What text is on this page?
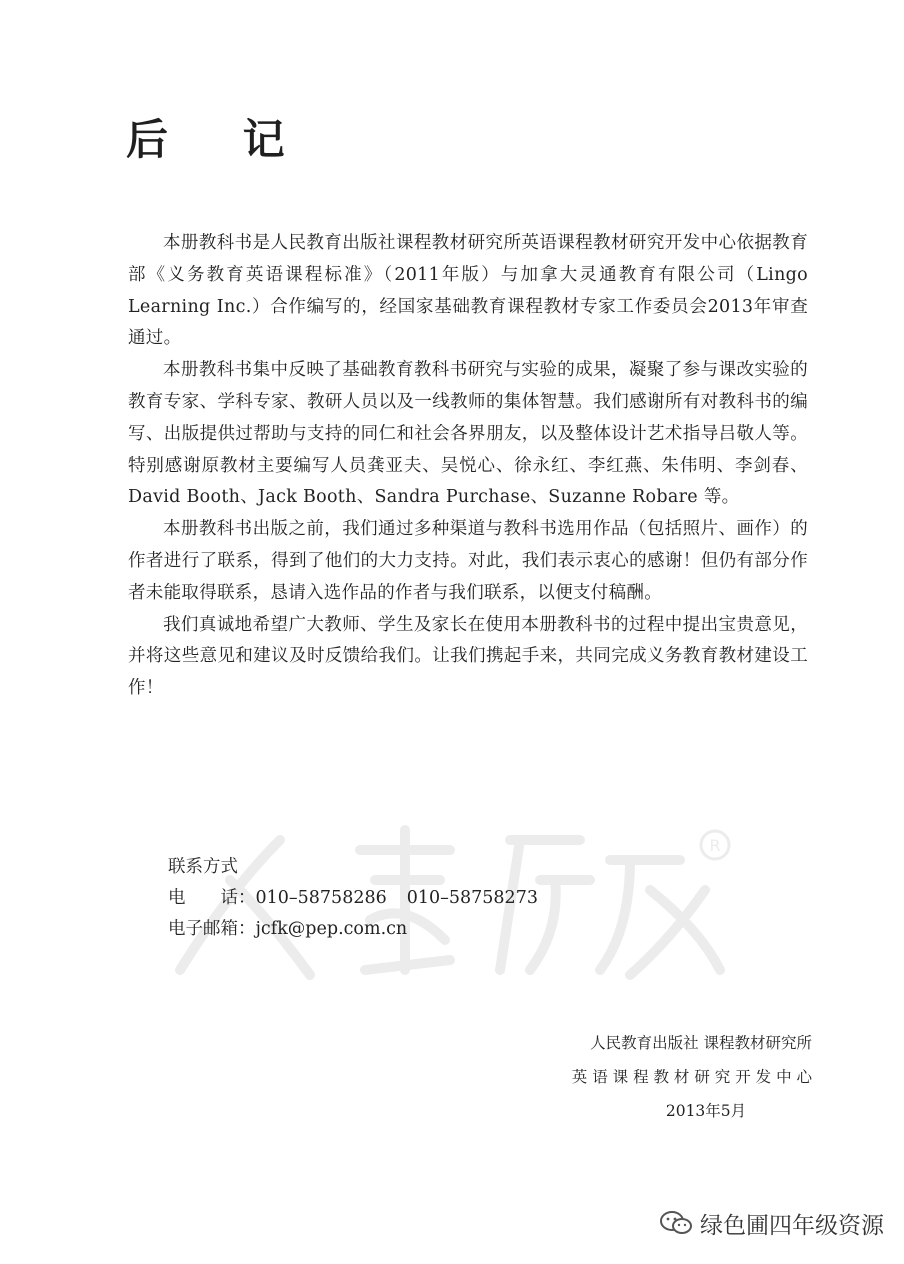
后 记

本册教科书是人民教育出版社课程教材研究所英语课程教材研究开发中心依据教育部《义务教育英语课程标准》（2011年版）与加拿大灵通教育有限公司（Lingo Learning Inc.）合作编写的，经国家基础教育课程教材专家工作委员会2013年审查通过。

本册教科书集中反映了基础教育教科书研究与实验的成果，凝聚了参与课改实验的教育专家、学科专家、教研人员以及一线教师的集体智慧。我们感谢所有对教科书的编写、出版提供过帮助与支持的同仁和社会各界朋友，以及整体设计艺术指导吕敬人等。特别感谢原教材主要编写人员龚亚夫、吴悦心、徐永红、李红燕、朱伟明、李剑春、David Booth、Jack Booth、Sandra Purchase、Suzanne Robare 等。

本册教科书出版之前，我们通过多种渠道与教科书选用作品（包括照片、画作）的作者进行了联系，得到了他们的大力支持。对此，我们表示衷心的感谢！但仍有部分作者未能取得联系，恳请入选作品的作者与我们联系，以便支付稿酬。

我们真诚地希望广大教师、学生及家长在使用本册教科书的过程中提出宝贵意见，并将这些意见和建议及时反馈给我们。让我们携起手来，共同完成义务教育教材建设工作！

R
联系方式
电　　话：010–58758286 010–58758273
电子邮箱：jcfk@pep.com.cn
人民教育出版社 课程教材研究所
英 语 课 程 教 材 研 究 开 发 中 心
2013年5月
绿色圃四年级资源
